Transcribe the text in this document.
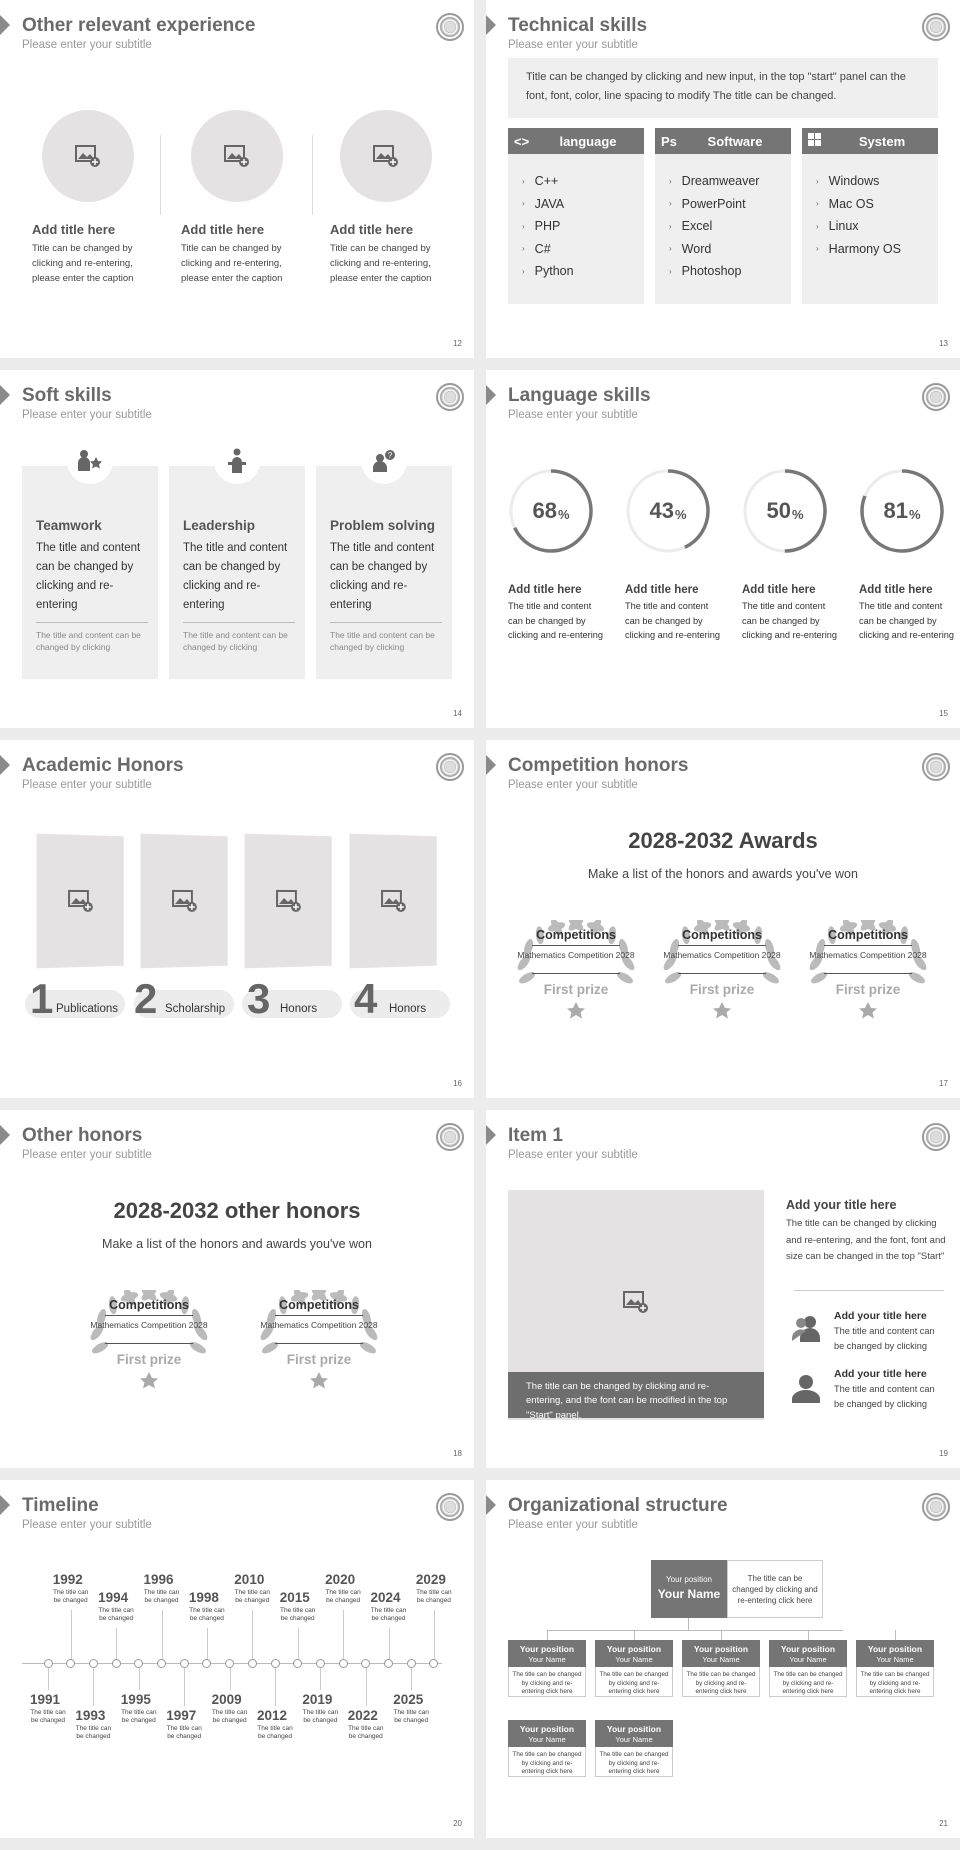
Other relevant experience
Please enter your subtitle
Add title here

Title can be changed by clicking and re-entering, please enter the caption

Add title here

Title can be changed by clicking and re-entering, please enter the caption

Add title here

Title can be changed by clicking and re-entering, please enter the caption

12
Technical skills
Please enter your subtitle
Title can be changed by clicking and new input, in the top "start" panel can the font, font, color, line spacing to modify The title can be changed.
<>	language
› C++
› JAVA
› PHP
› C#
› Python
Ps	Software
› Dreamweaver
› PowerPoint
› Excel
› Word
› Photoshop
System
› Windows
› Mac OS
› Linux
› Harmony OS
13
Soft skills
Please enter your subtitle
Teamwork
The title and content can be changed by clicking and re-entering
The title and content can be changed by clicking
Leadership
The title and content can be changed by clicking and re-entering
The title and content can be changed by clicking
?
Problem solving
The title and content can be changed by clicking and re-entering
The title and content can be changed by clicking
14
Language skills
Please enter your subtitle
68 %	43 %	50 %	81 %
Add title here

The title and content can be changed by clicking and re-entering

Add title here

The title and content can be changed by clicking and re-entering

Add title here

The title and content can be changed by clicking and re-entering

Add title here

The title and content can be changed by clicking and re-entering

15
Academic Honors
Please enter your subtitle
1 Publications 2 Scholarship 3 Honors 4 Honors
16
Competition honors
Please enter your subtitle
2028-2032 Awards
Make a list of the honors and awards you've won
Competitions
Mathematics Competition 2028
First prize
Competitions
Mathematics Competition 2028
First prize
Competitions
Mathematics Competition 2028
First prize
17
Other honors
Please enter your subtitle
2028-2032 other honors
Make a list of the honors and awards you've won
Competitions
Mathematics Competition 2028
First prize
Competitions
Mathematics Competition 2028
First prize
18
Item 1
Please enter your subtitle
The title can be changed by clicking and re-entering, and the font can be modified in the top "Start" panel.
Add your title here

The title can be changed by clicking and re-entering, and the font, font and size can be changed in the top "Start"

Add your title here

The title and content can be changed by clicking

Add your title here

The title and content can be changed by clicking

19
Timeline
Please enter your subtitle
1991
The title can be changed
1992
The title can be changed
1993
The title can be changed
1994
The title can be changed
1995
The title can be changed
1996
The title can be changed
1997
The title can be changed
1998
The title can be changed
2009
The title can be changed
2010
The title can be changed
2012
The title can be changed
2015
The title can be changed
2019
The title can be changed
2020
The title can be changed
2022
The title can be changed
2024
The title can be changed
2025
The title can be changed
2029
The title can be changed
20
Organizational structure
Please enter your subtitle
Your position
Your Name
The title can be changed by clicking and re-entering click here
Your position
Your Name
The title can be changed by clicking and re-entering click here
Your position
Your Name
The title can be changed by clicking and re-entering click here
Your position
Your Name
The title can be changed by clicking and re-entering click here
Your position
Your Name
The title can be changed by clicking and re-entering click here
Your position
Your Name
The title can be changed by clicking and re-entering click here
Your position
Your Name
The title can be changed by clicking and re-entering click here
Your position
Your Name
The title can be changed by clicking and re-entering click here
21
